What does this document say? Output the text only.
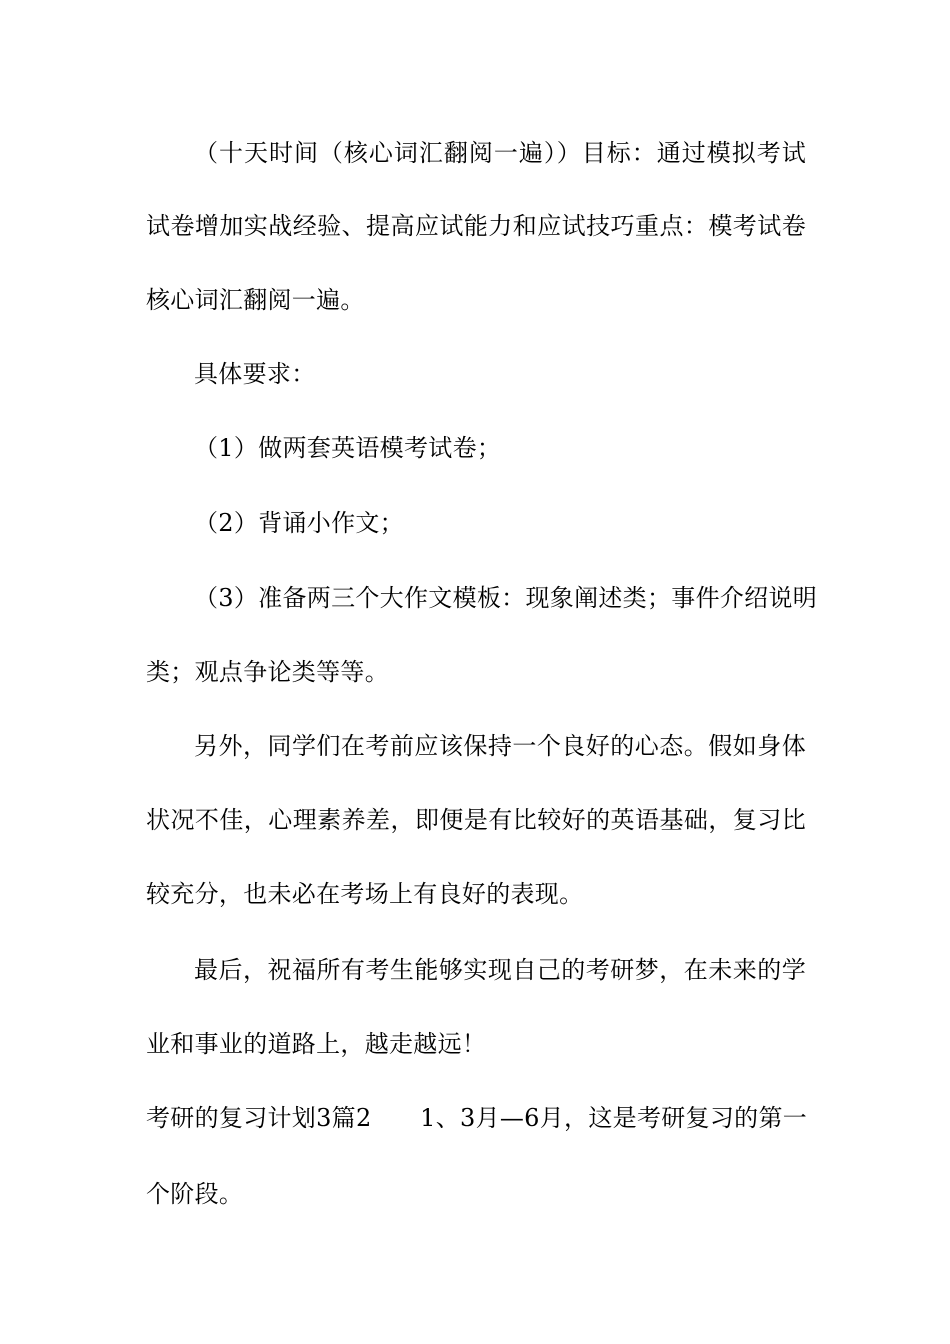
（十天时间（核心词汇翻阅一遍））目标：通过模拟考试
试卷增加实战经验、提高应试能力和应试技巧重点：模考试卷
核心词汇翻阅一遍。
具体要求：
（1）做两套英语模考试卷；
（2）背诵小作文；
（3）准备两三个大作文模板：现象阐述类；事件介绍说明
类；观点争论类等等。
另外，同学们在考前应该保持一个良好的心态。假如身体
状况不佳，心理素养差，即便是有比较好的英语基础，复习比
较充分，也未必在考场上有良好的表现。
最后，祝福所有考生能够实现自己的考研梦，在未来的学
业和事业的道路上，越走越远！
考研的复习计划3篇2　　1、3月—6月，这是考研复习的第一
个阶段。
